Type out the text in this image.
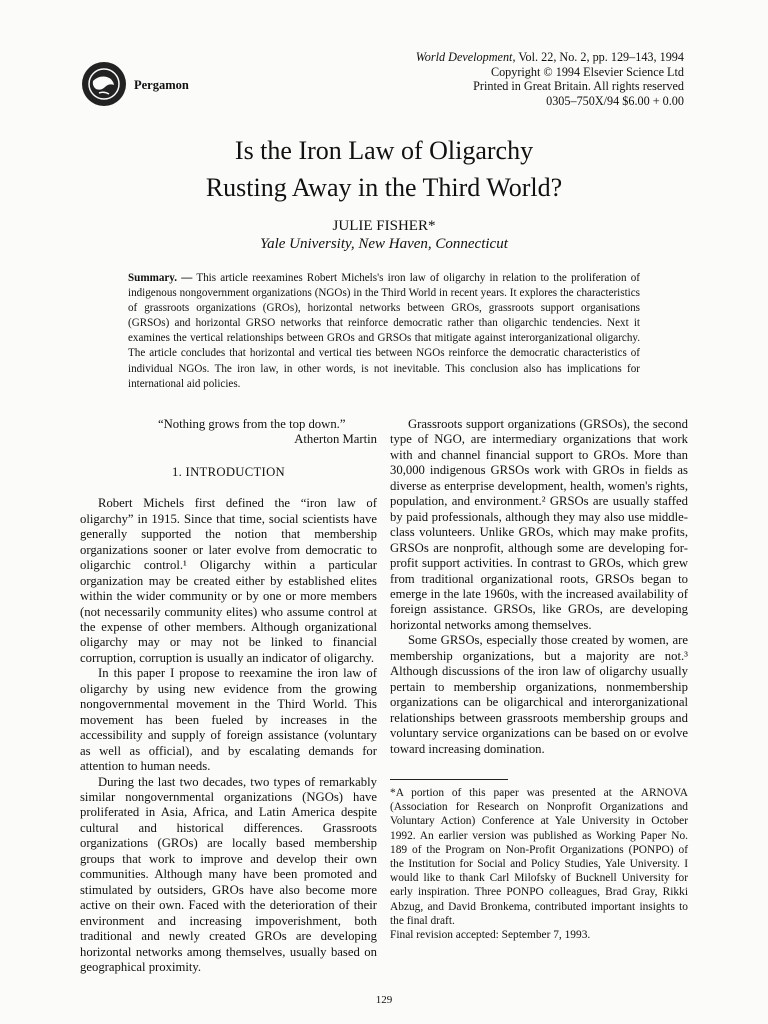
Pergamon
World Development, Vol. 22, No. 2, pp. 129–143, 1994
Copyright © 1994 Elsevier Science Ltd
Printed in Great Britain. All rights reserved
0305–750X/94 $6.00 + 0.00
Is the Iron Law of Oligarchy
Rusting Away in the Third World?
JULIE FISHER*
Yale University, New Haven, Connecticut
Summary. — This article reexamines Robert Michels's iron law of oligarchy in relation to the proliferation of indigenous nongovernment organizations (NGOs) in the Third World in recent years. It explores the characteristics of grassroots organizations (GROs), horizontal networks between GROs, grassroots support organisations (GRSOs) and horizontal GRSO networks that reinforce democratic rather than oligarchic tendencies. Next it examines the vertical relationships between GROs and GRSOs that mitigate against interorganizational oligarchy. The article concludes that horizontal and vertical ties between NGOs reinforce the democratic characteristics of individual NGOs. The iron law, in other words, is not inevitable. This conclusion also has implications for international aid policies.
“Nothing grows from the top down.”
Atherton Martin
1. INTRODUCTION

Robert Michels first defined the “iron law of oligarchy” in 1915. Since that time, social scientists have generally supported the notion that membership organizations sooner or later evolve from democratic to oligarchic control.¹ Oligarchy within a particular organization may be created either by established elites within the wider community or by one or more members (not necessarily community elites) who assume control at the expense of other members. Although organizational oligarchy may or may not be linked to financial corruption, corruption is usually an indicator of oligarchy.

In this paper I propose to reexamine the iron law of oligarchy by using new evidence from the growing nongovernmental movement in the Third World. This movement has been fueled by increases in the accessibility and supply of foreign assistance (voluntary as well as official), and by escalating demands for attention to human needs.

During the last two decades, two types of remarkably similar nongovernmental organizations (NGOs) have proliferated in Asia, Africa, and Latin America despite cultural and historical differences. Grassroots organizations (GROs) are locally based membership groups that work to improve and develop their own communities. Although many have been promoted and stimulated by outsiders, GROs have also become more active on their own. Faced with the deterioration of their environment and increasing impoverishment, both traditional and newly created GROs are developing horizontal networks among themselves, usually based on geographical proximity.

Grassroots support organizations (GRSOs), the second type of NGO, are intermediary organizations that work with and channel financial support to GROs. More than 30,000 indigenous GRSOs work with GROs in fields as diverse as enterprise development, health, women's rights, population, and environment.² GRSOs are usually staffed by paid professionals, although they may also use middle-class volunteers. Unlike GROs, which may make profits, GRSOs are nonprofit, although some are developing for-profit support activities. In contrast to GROs, which grew from traditional organizational roots, GRSOs began to emerge in the late 1960s, with the increased availability of foreign assistance. GRSOs, like GROs, are developing horizontal networks among themselves.

Some GRSOs, especially those created by women, are membership organizations, but a majority are not.³ Although discussions of the iron law of oligarchy usually pertain to membership organizations, nonmembership organizations can be oligarchical and interorganizational relationships between grassroots membership groups and voluntary service organizations can be based on or evolve toward increasing domination.

*A portion of this paper was presented at the ARNOVA (Association for Research on Nonprofit Organizations and Voluntary Action) Conference at Yale University in October 1992. An earlier version was published as Working Paper No. 189 of the Program on Non-Profit Organizations (PONPO) of the Institution for Social and Policy Studies, Yale University. I would like to thank Carl Milofsky of Bucknell University for early inspiration. Three PONPO colleagues, Brad Gray, Rikki Abzug, and David Bronkema, contributed important insights to the final draft.

Final revision accepted: September 7, 1993.

129
